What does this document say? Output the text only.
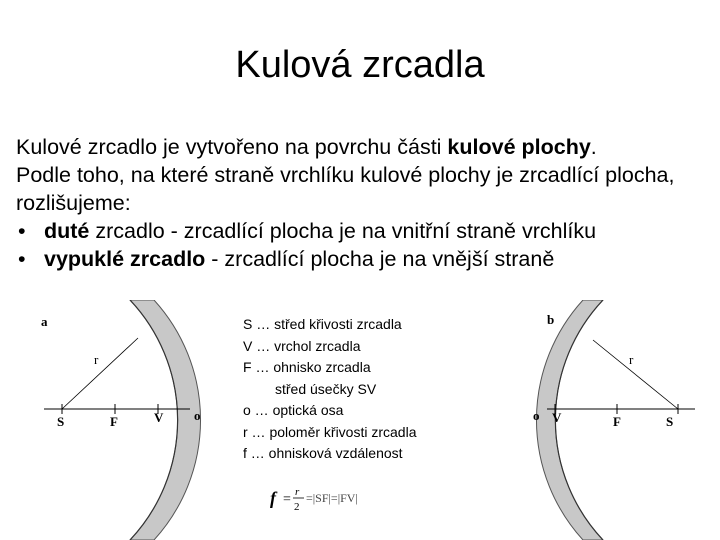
Kulová zrcadla

Kulové zrcadlo je vytvořeno na povrchu části kulové plochy.

Podle toho, na které straně vrchlíku kulové plochy je zrcadlící plocha, rozlišujeme:

• duté zrcadlo - zrcadlící plocha je na vnitřní straně vrchlíku

• vypuklé zrcadlo - zrcadlící plocha je na vnější straně

a
r
S	F	V o
S … střed křivosti zrcadla
V … vrchol zrcadla
F … ohnisko zrcadla
střed úsečky SV
o … optická osa
r … poloměr křivosti zrcadla
f … ohnisková vzdálenost
f = r
2
=|SF|=|FV|
b
r
o V	F	S
